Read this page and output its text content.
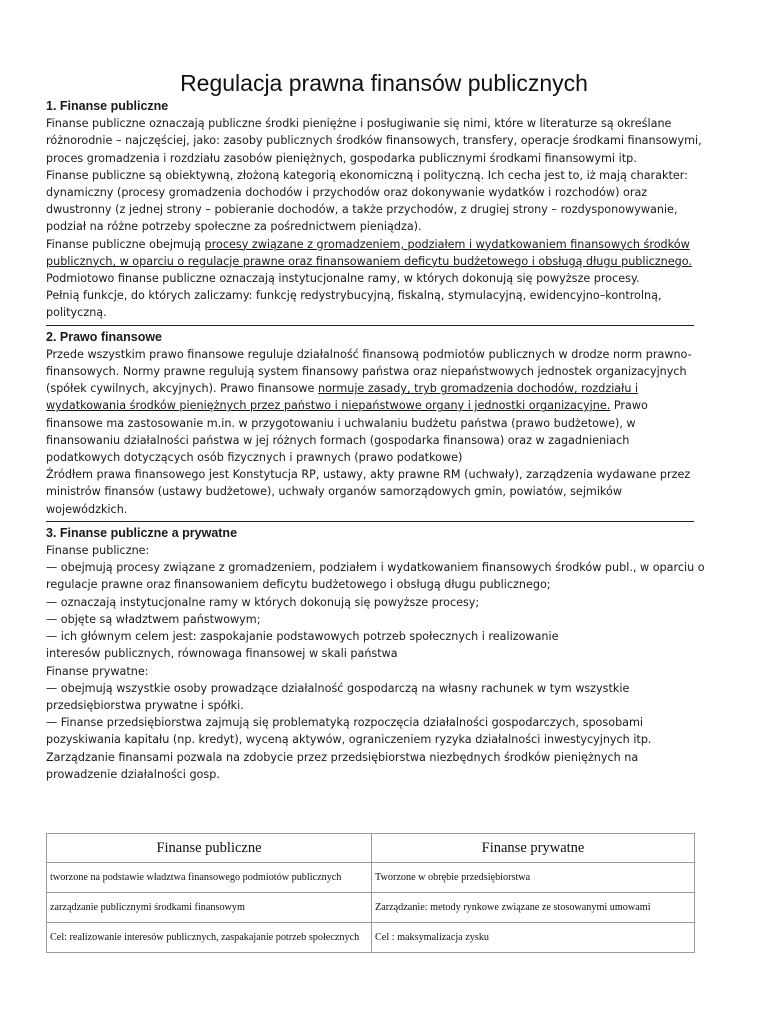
Regulacja prawna finansów publicznych

1. Finanse publiczne

Finanse publiczne oznaczają publiczne środki pieniężne i posługiwanie się nimi, które w literaturze są określane różnorodnie – najczęściej, jako: zasoby publicznych środków finansowych, transfery, operacje środkami finansowymi, proces gromadzenia i rozdziału zasobów pieniężnych, gospodarka publicznymi środkami finansowymi itp.

Finanse publiczne są obiektywną, złożoną kategorią ekonomiczną i polityczną. Ich cecha jest to, iż mają charakter: dynamiczny (procesy gromadzenia dochodów i przychodów oraz dokonywanie wydatków i rozchodów) oraz dwustronny (z jednej strony – pobieranie dochodów, a także przychodów, z drugiej strony – rozdysponowywanie, podział na różne potrzeby społeczne za pośrednictwem pieniądza).

Finanse publiczne obejmują procesy związane z gromadzeniem, podziałem i wydatkowaniem finansowych środków publicznych, w oparciu o regulacje prawne oraz finansowaniem deficytu budżetowego i obsługą długu publicznego. Podmiotowo finanse publiczne oznaczają instytucjonalne ramy, w których dokonują się powyższe procesy.

Pełnią funkcje, do których zaliczamy: funkcję redystrybucyjną, fiskalną, stymulacyjną, ewidencyjno–kontrolną, polityczną.

2. Prawo finansowe

Przede wszystkim prawo finansowe reguluje działalność finansową podmiotów publicznych w drodze norm prawno-finansowych. Normy prawne regulują system finansowy państwa oraz niepaństwowych jednostek organizacyjnych (spółek cywilnych, akcyjnych). Prawo finansowe normuje zasady, tryb gromadzenia dochodów, rozdziału i wydatkowania środków pieniężnych przez państwo i niepaństwowe organy i jednostki organizacyjne. Prawo finansowe ma zastosowanie m.in. w przygotowaniu i uchwalaniu budżetu państwa (prawo budżetowe), w finansowaniu działalności państwa w jej różnych formach (gospodarka finansowa) oraz w zagadnieniach podatkowych dotyczących osób fizycznych i prawnych (prawo podatkowe)

Źródłem prawa finansowego jest Konstytucja RP, ustawy, akty prawne RM (uchwały), zarządzenia wydawane przez ministrów finansów (ustawy budżetowe), uchwały organów samorządowych gmin, powiatów, sejmików wojewódzkich.

3. Finanse publiczne a prywatne

Finanse publiczne:

— obejmują procesy związane z gromadzeniem, podziałem i wydatkowaniem finansowych środków publ., w oparciu o regulacje prawne oraz finansowaniem deficytu budżetowego i obsługą długu publicznego;

— oznaczają instytucjonalne ramy w których dokonują się powyższe procesy;

— objęte są władztwem państwowym;

— ich głównym celem jest: zaspokajanie podstawowych potrzeb społecznych i realizowanie

interesów publicznych, równowaga finansowej w skali państwa

Finanse prywatne:

— obejmują wszystkie osoby prowadzące działalność gospodarczą na własny rachunek w tym wszystkie przedsiębiorstwa prywatne i spółki.

— Finanse przedsiębiorstwa zajmują się problematyką rozpoczęcia działalności gospodarczych, sposobami pozyskiwania kapitału (np. kredyt), wyceną aktywów, ograniczeniem ryzyka działalności inwestycyjnych itp.

Zarządzanie finansami pozwala na zdobycie przez przedsiębiorstwa niezbędnych środków pieniężnych na prowadzenie działalności gosp.

Finanse publiczne	Finanse prywatne
tworzone na podstawie władztwa finansowego podmiotów publicznych	Tworzone w obrębie przedsiębiorstwa
zarządzanie publicznymi środkami finansowym	Zarządzanie: metody rynkowe związane ze stosowanymi umowami
Cel: realizowanie interesów publicznych, zaspakajanie potrzeb społecznych	Cel : maksymalizacja zysku
